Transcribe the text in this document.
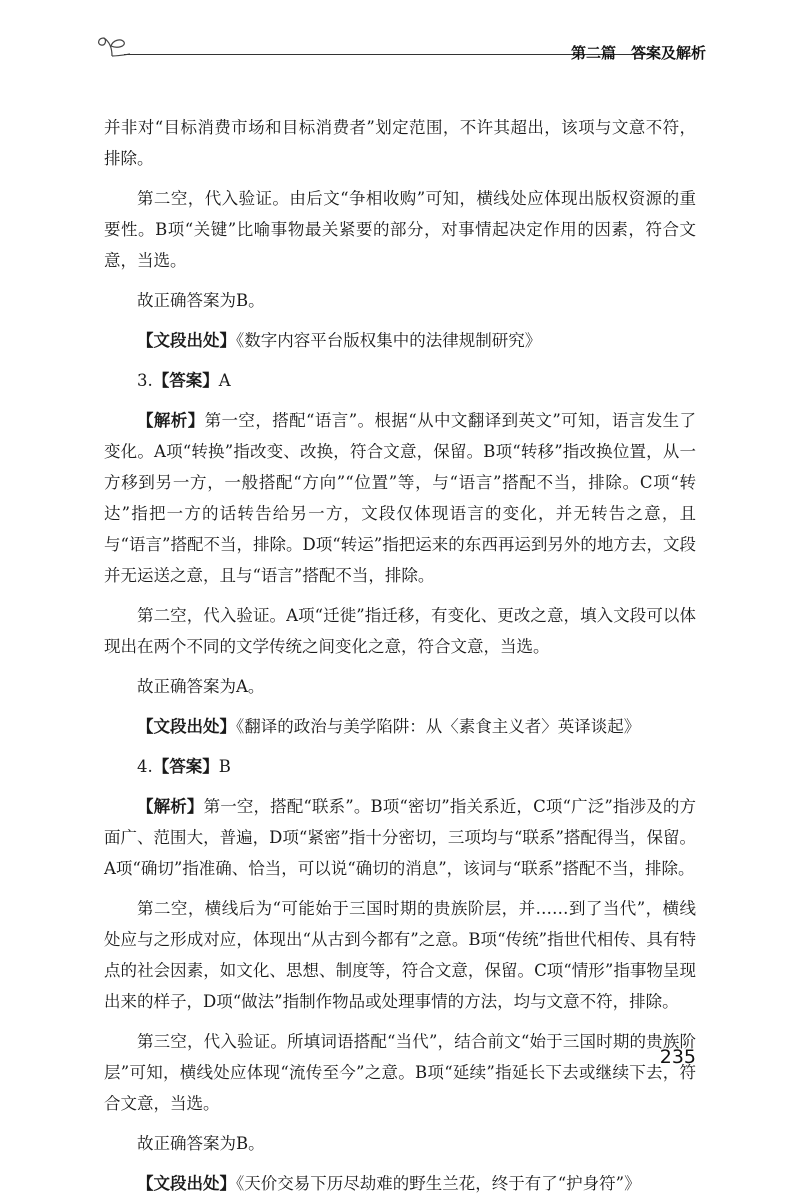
第二篇　答案及解析

并非对“目标消费市场和目标消费者”划定范围，不许其超出，该项与文意不符，排除。

第二空，代入验证。由后文“争相收购”可知，横线处应体现出版权资源的重要性。B项“关键”比喻事物最关紧要的部分，对事情起决定作用的因素，符合文意，当选。

故正确答案为B。

【文段出处】《数字内容平台版权集中的法律规制研究》

3.【答案】A

【解析】第一空，搭配“语言”。根据“从中文翻译到英文”可知，语言发生了变化。A项“转换”指改变、改换，符合文意，保留。B项“转移”指改换位置，从一方移到另一方，一般搭配“方向”“位置”等，与“语言”搭配不当，排除。C项“转达”指把一方的话转告给另一方，文段仅体现语言的变化，并无转告之意，且与“语言”搭配不当，排除。D项“转运”指把运来的东西再运到另外的地方去，文段并无运送之意，且与“语言”搭配不当，排除。

第二空，代入验证。A项“迁徙”指迁移，有变化、更改之意，填入文段可以体现出在两个不同的文学传统之间变化之意，符合文意，当选。

故正确答案为A。

【文段出处】《翻译的政治与美学陷阱：从〈素食主义者〉英译谈起》

4.【答案】B

【解析】第一空，搭配“联系”。B项“密切”指关系近，C项“广泛”指涉及的方面广、范围大，普遍，D项“紧密”指十分密切，三项均与“联系”搭配得当，保留。A项“确切”指准确、恰当，可以说“确切的消息”，该词与“联系”搭配不当，排除。

第二空，横线后为“可能始于三国时期的贵族阶层，并……到了当代”，横线处应与之形成对应，体现出“从古到今都有”之意。B项“传统”指世代相传、具有特点的社会因素，如文化、思想、制度等，符合文意，保留。C项“情形”指事物呈现出来的样子，D项“做法”指制作物品或处理事情的方法，均与文意不符，排除。

第三空，代入验证。所填词语搭配“当代”，结合前文“始于三国时期的贵族阶层”可知，横线处应体现“流传至今”之意。B项“延续”指延长下去或继续下去，符合文意，当选。

故正确答案为B。

【文段出处】《天价交易下历尽劫难的野生兰花，终于有了“护身符”》

235
